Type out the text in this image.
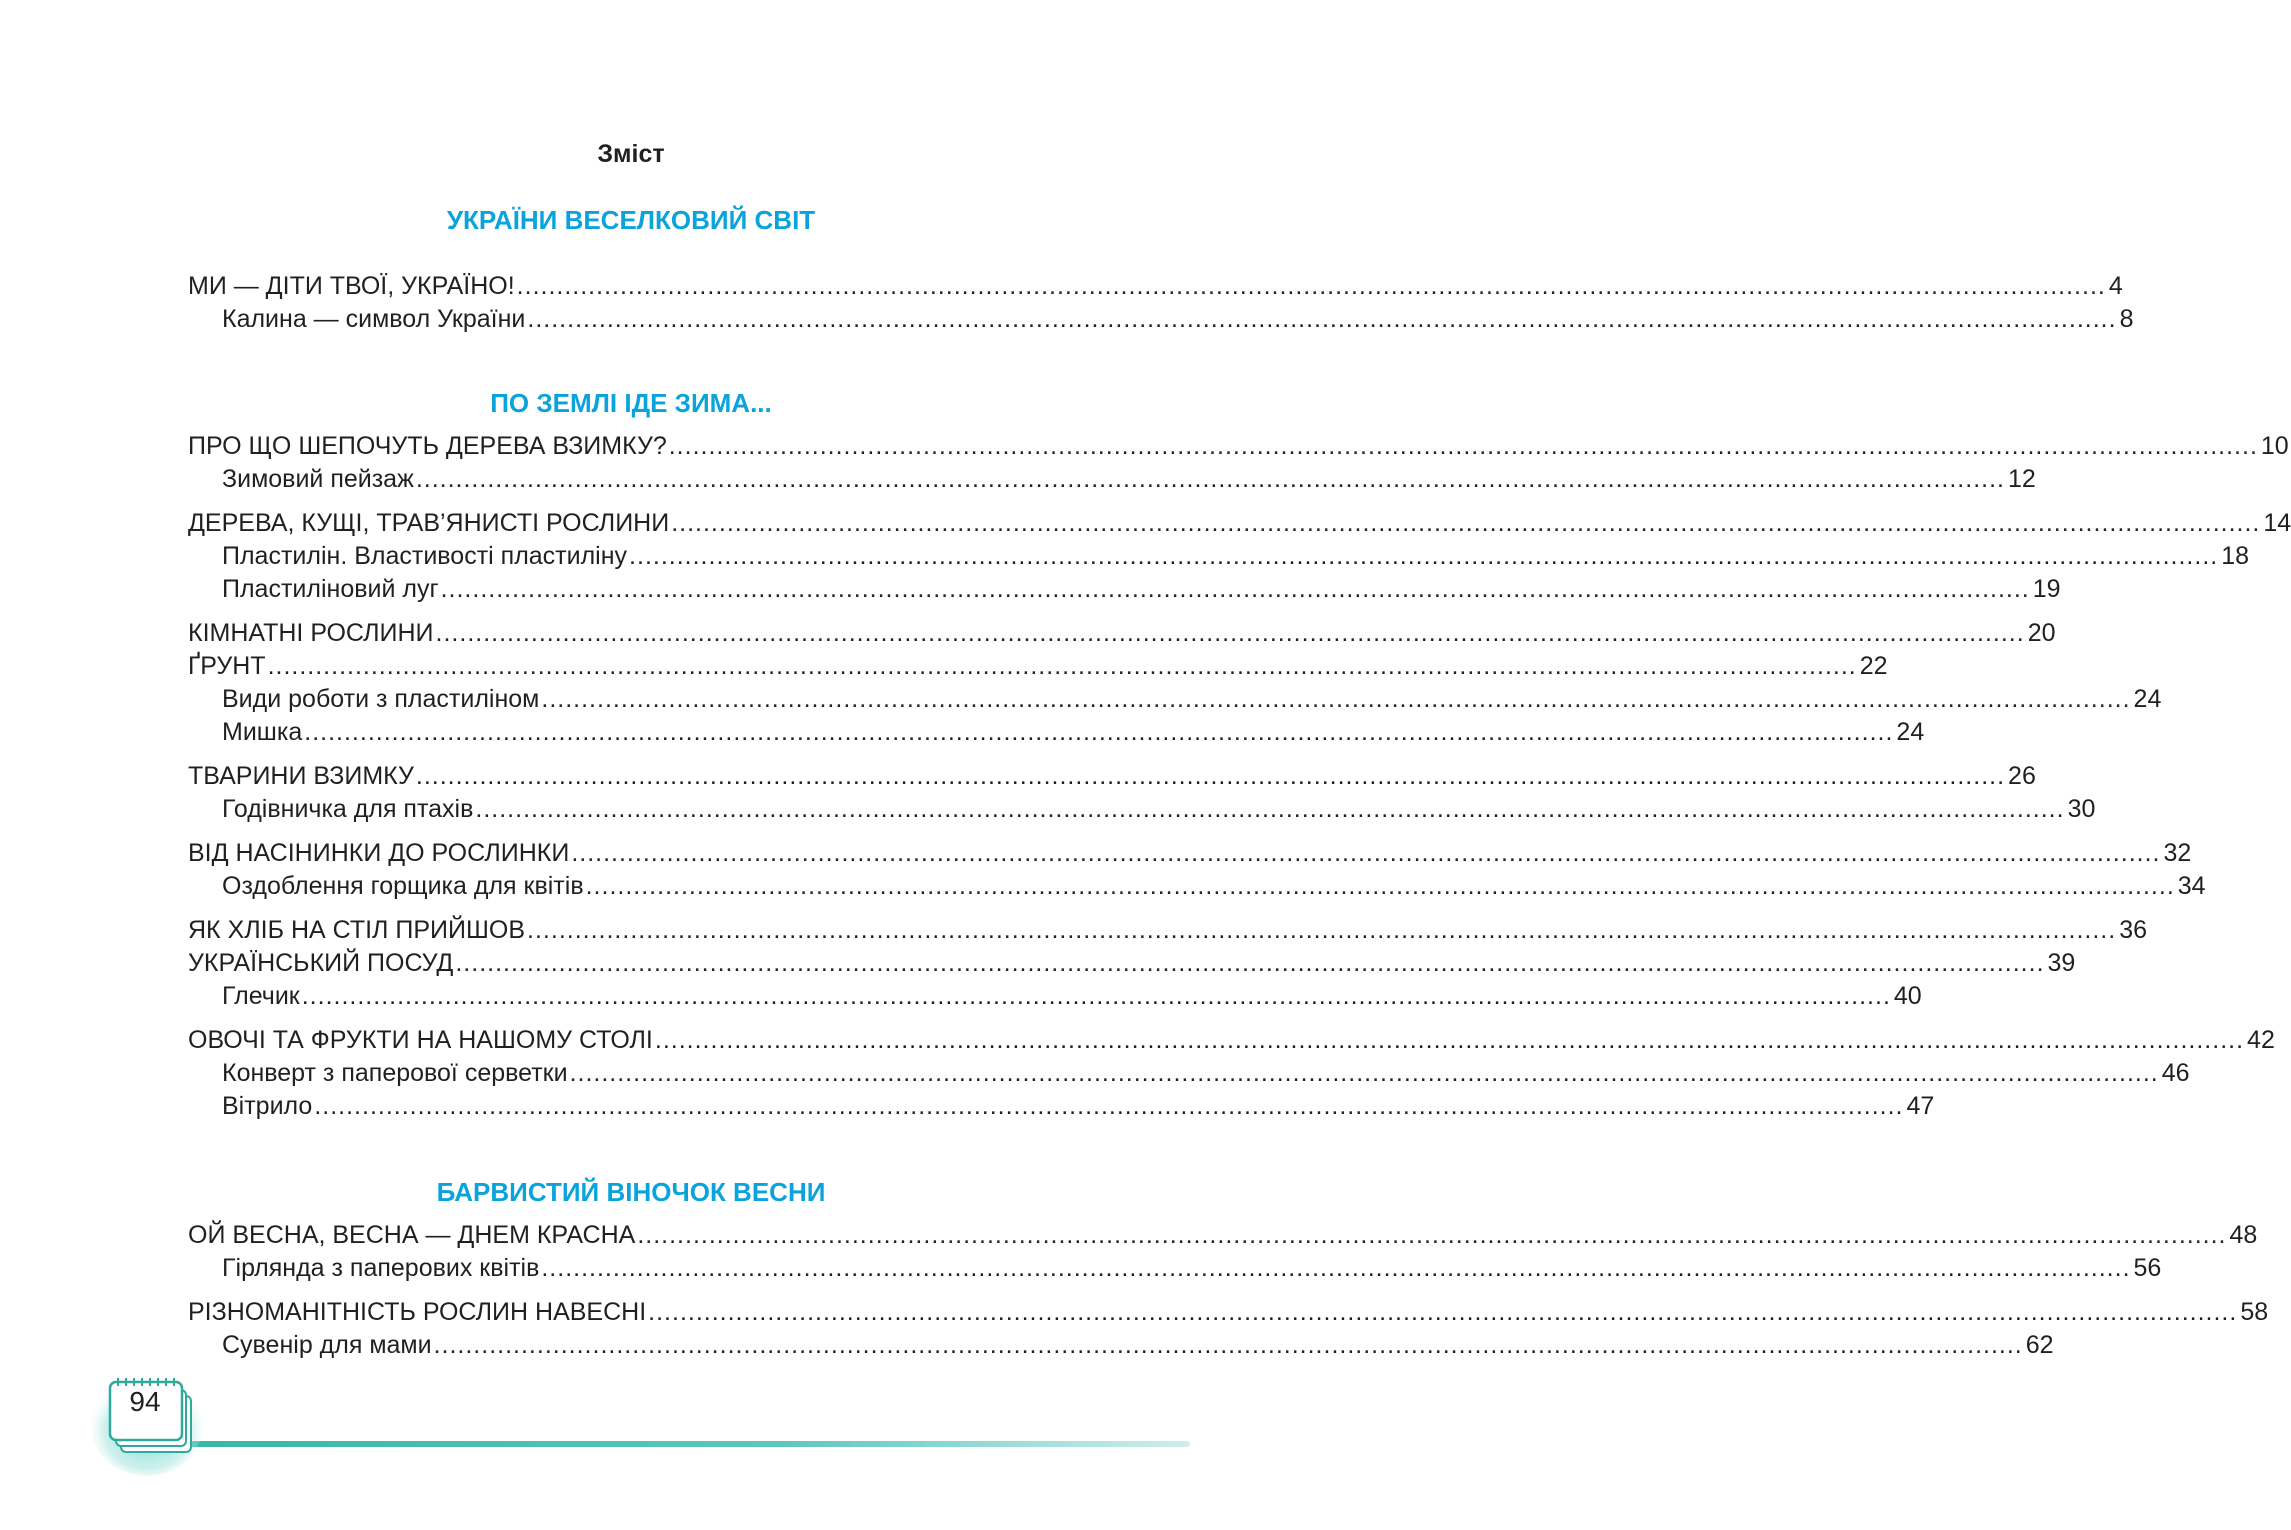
Зміст
УКРАЇНИ ВЕСЕЛКОВИЙ СВІТ
МИ — ДІТИ ТВОЇ, УКРАЇНО! ........................................................................................................................................................................................................ 4
Калина — символ України ........................................................................................................................................................................................................ 8
ПО ЗЕМЛІ ІДЕ ЗИМА...
ПРО ЩО ШЕПОЧУТЬ ДЕРЕВА ВЗИМКУ? ........................................................................................................................................................................................................ 10
Зимовий пейзаж ........................................................................................................................................................................................................ 12
ДЕРЕВА, КУЩІ, ТРАВ’ЯНИСТІ РОСЛИНИ ........................................................................................................................................................................................................ 14
Пластилін. Властивості пластиліну ........................................................................................................................................................................................................ 18
Пластиліновий луг ........................................................................................................................................................................................................ 19
КІМНАТНІ РОСЛИНИ ........................................................................................................................................................................................................ 20
ҐРУНТ ........................................................................................................................................................................................................ 22
Види роботи з пластиліном ........................................................................................................................................................................................................ 24
Мишка ........................................................................................................................................................................................................ 24
ТВАРИНИ ВЗИМКУ ........................................................................................................................................................................................................ 26
Годівничка для птахів ........................................................................................................................................................................................................ 30
ВІД НАСІНИНКИ ДО РОСЛИНКИ ........................................................................................................................................................................................................ 32
Оздоблення горщика для квітів ........................................................................................................................................................................................................ 34
ЯК ХЛІБ НА СТІЛ ПРИЙШОВ ........................................................................................................................................................................................................ 36
УКРАЇНСЬКИЙ ПОСУД ........................................................................................................................................................................................................ 39
Глечик ........................................................................................................................................................................................................ 40
ОВОЧІ ТА ФРУКТИ НА НАШОМУ СТОЛІ ........................................................................................................................................................................................................ 42
Конверт з паперової серветки ........................................................................................................................................................................................................ 46
Вітрило ........................................................................................................................................................................................................ 47
БАРВИСТИЙ ВІНОЧОК ВЕСНИ
ОЙ ВЕСНА, ВЕСНА — ДНЕМ КРАСНА ........................................................................................................................................................................................................ 48
Гірлянда з паперових квітів ........................................................................................................................................................................................................ 56
РІЗНОМАНІТНІСТЬ РОСЛИН НАВЕСНІ ........................................................................................................................................................................................................ 58
Сувенір для мами ........................................................................................................................................................................................................ 62
94
